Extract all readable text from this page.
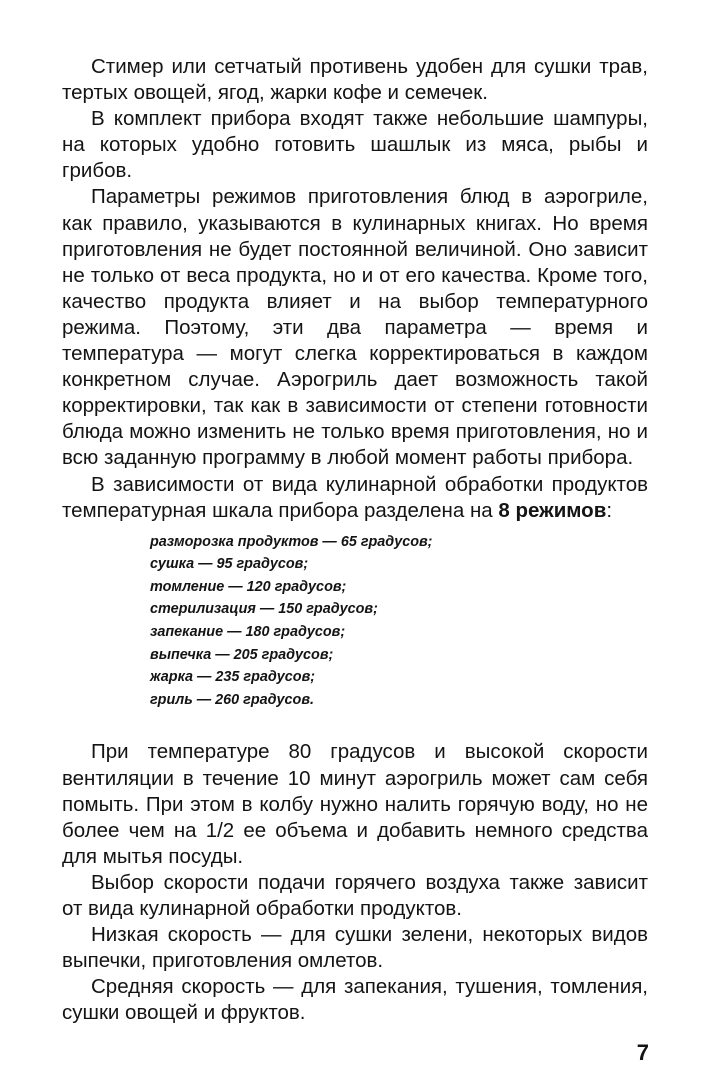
Стимер или сетчатый противень удобен для сушки трав, тертых овощей, ягод, жарки кофе и семечек.

В комплект прибора входят также небольшие шампуры, на которых удобно готовить шашлык из мяса, рыбы и грибов.

Параметры режимов приготовления блюд в аэрогриле, как правило, указываются в кулинарных книгах. Но время приготовления не будет постоянной величиной. Оно зависит не только от веса продукта, но и от его качества. Кроме того, качество продукта влияет и на выбор температурного режима. Поэтому, эти два параметра — время и температура — могут слегка корректироваться в каждом конкретном случае. Аэрогриль дает возможность такой корректировки, так как в зависимости от степени готовности блюда можно изменить не только время приготовления, но и всю заданную программу в любой момент работы прибора.

В зависимости от вида кулинарной обработки продуктов температурная шкала прибора разделена на 8 режимов:

разморозка продуктов — 65 градусов;
сушка — 95 градусов;
томление — 120 градусов;
стерилизация — 150 градусов;
запекание — 180 градусов;
выпечка — 205 градусов;
жарка — 235 градусов;
гриль — 260 градусов.

При температуре 80 градусов и высокой скорости вентиляции в течение 10 минут аэрогриль может сам себя помыть. При этом в колбу нужно налить горячую воду, но не более чем на 1/2 ее объема и добавить немного средства для мытья посуды.

Выбор скорости подачи горячего воздуха также зависит от вида кулинарной обработки продуктов.

Низкая скорость — для сушки зелени, некоторых видов выпечки, приготовления омлетов.

Средняя скорость — для запекания, тушения, томления, сушки овощей и фруктов.

7
